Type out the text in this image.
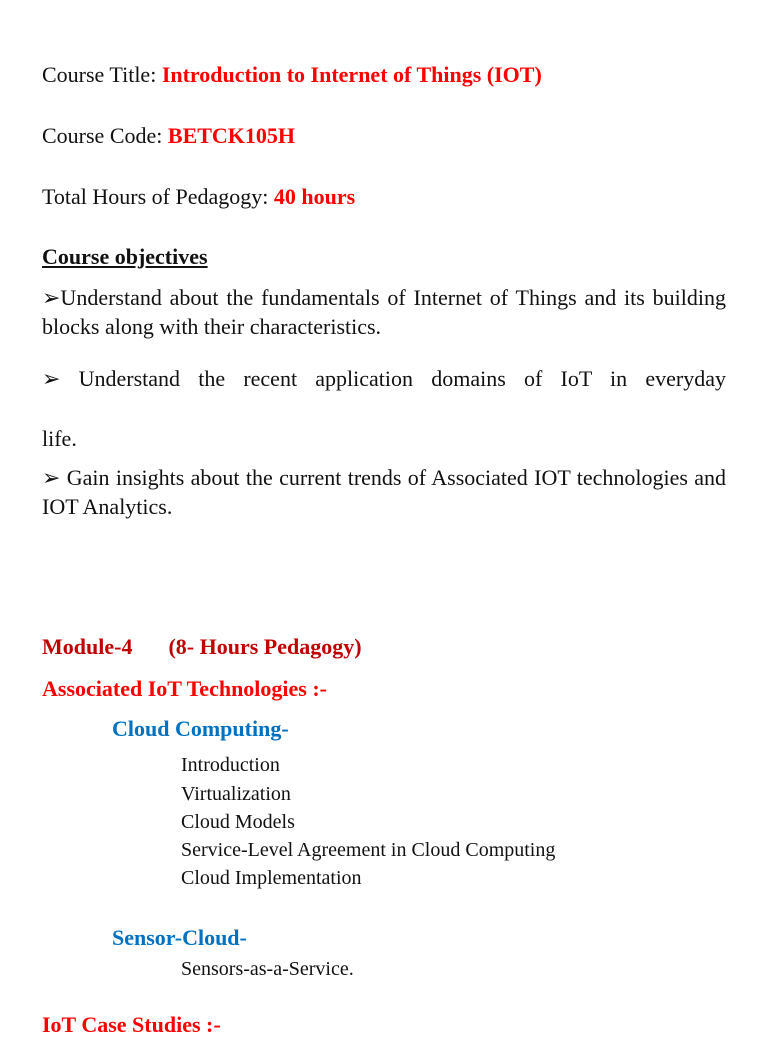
Course Title: Introduction to Internet of Things (IOT)
Course Code: BETCK105H
Total Hours of Pedagogy: 40 hours
Course objectives
➢Understand about the fundamentals of Internet of Things and its building blocks along with their characteristics.
➢ Understand the recent application domains of IoT in everyday
life.
➢ Gain insights about the current trends of Associated IOT technologies and IOT Analytics.
Module-4 (8- Hours Pedagogy)
Associated IoT Technologies :-
Cloud Computing-
Introduction
Virtualization
Cloud Models
Service-Level Agreement in Cloud Computing
Cloud Implementation
Sensor-Cloud-
Sensors-as-a-Service.
IoT Case Studies :-
